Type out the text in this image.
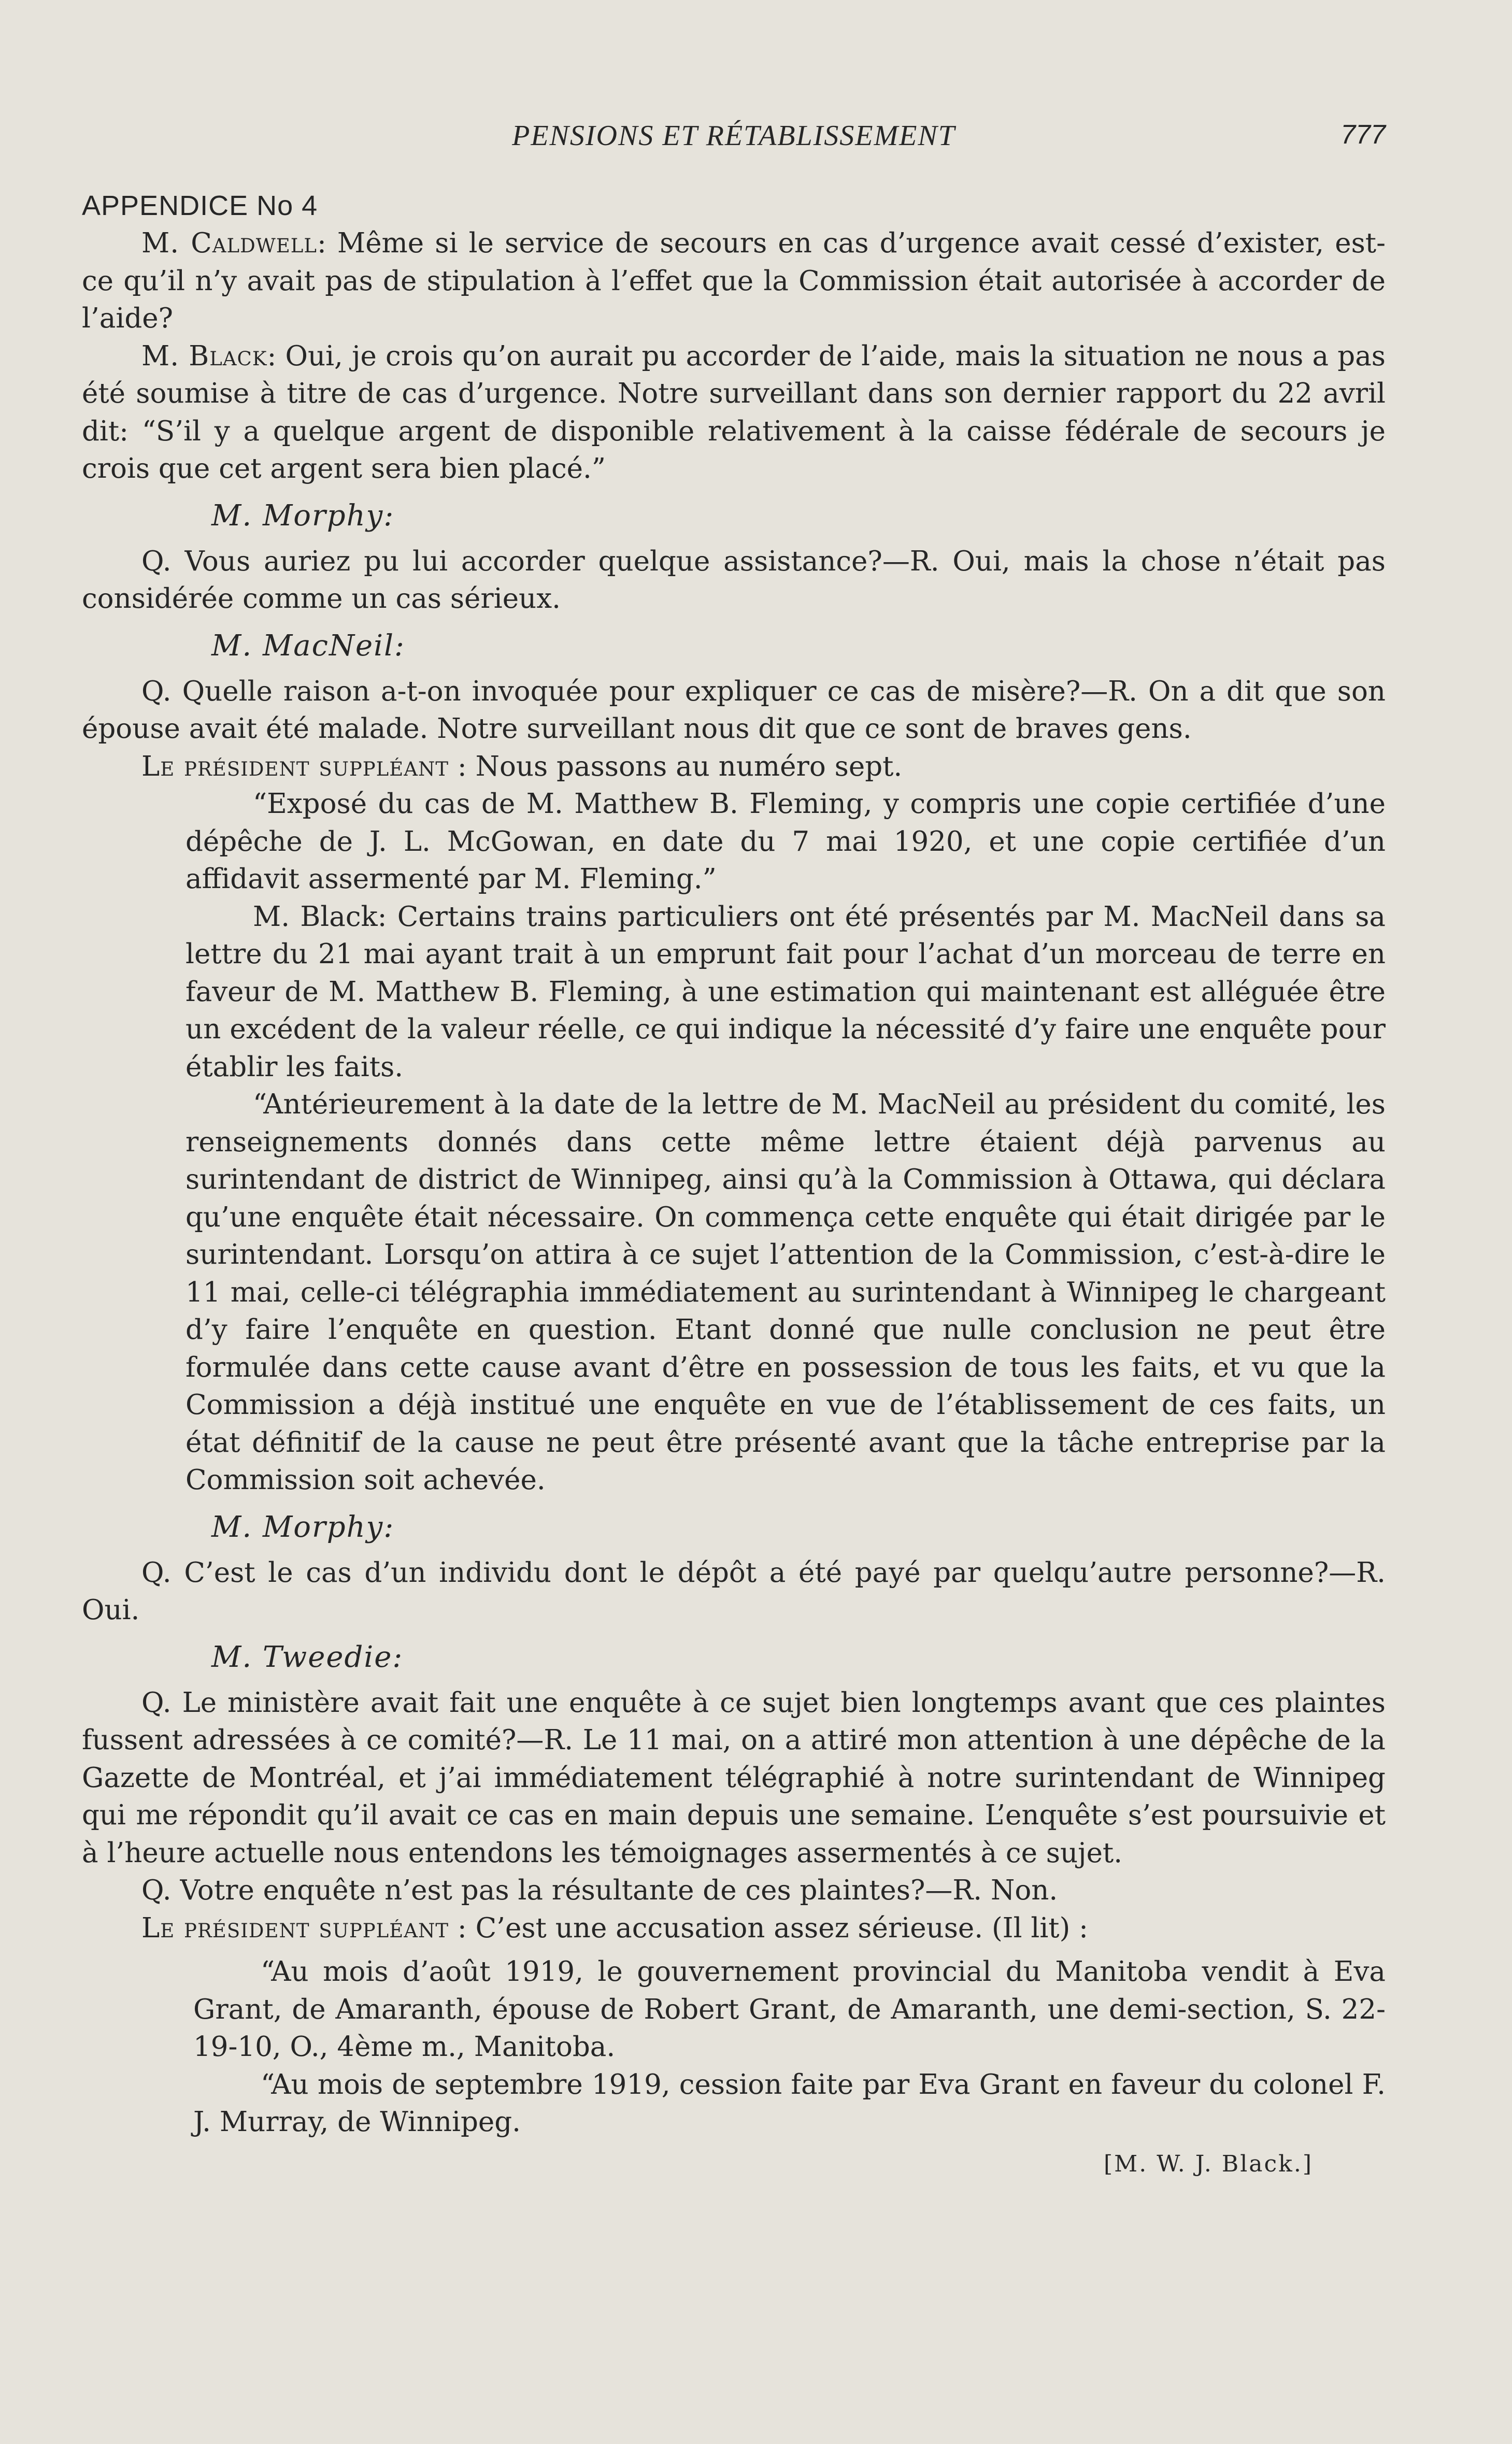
PENSIONS ET RÉTABLISSEMENT	777
APPENDICE No 4

M. Caldwell: Même si le service de secours en cas d’urgence avait cessé d’exister, est-ce qu’il n’y avait pas de stipulation à l’effet que la Commission était autorisée à accorder de l’aide?

M. Black: Oui, je crois qu’on aurait pu accorder de l’aide, mais la situation ne nous a pas été soumise à titre de cas d’urgence. Notre surveillant dans son dernier rapport du 22 avril dit: “S’il y a quelque argent de disponible relativement à la caisse fédérale de secours je crois que cet argent sera bien placé.”

M. Morphy:

Q. Vous auriez pu lui accorder quelque assistance?—R. Oui, mais la chose n’était pas considérée comme un cas sérieux.

M. MacNeil:

Q. Quelle raison a-t-on invoquée pour expliquer ce cas de misère?—R. On a dit que son épouse avait été malade. Notre surveillant nous dit que ce sont de braves gens.

Le président suppléant : Nous passons au numéro sept.

“Exposé du cas de M. Matthew B. Fleming, y compris une copie certifiée d’une dépêche de J. L. McGowan, en date du 7 mai 1920, et une copie certifiée d’un affidavit assermenté par M. Fleming.”

M. Black: Certains trains particuliers ont été présentés par M. MacNeil dans sa lettre du 21 mai ayant trait à un emprunt fait pour l’achat d’un morceau de terre en faveur de M. Matthew B. Fleming, à une estimation qui maintenant est alléguée être un excédent de la valeur réelle, ce qui indique la nécessité d’y faire une enquête pour établir les faits.

“Antérieurement à la date de la lettre de M. MacNeil au président du comité, les renseignements donnés dans cette même lettre étaient déjà parvenus au surintendant de district de Winnipeg, ainsi qu’à la Commission à Ottawa, qui déclara qu’une enquête était nécessaire. On commença cette enquête qui était dirigée par le surintendant. Lorsqu’on attira à ce sujet l’attention de la Commission, c’est-à-dire le 11 mai, celle-ci télégraphia immédiatement au surintendant à Winnipeg le chargeant d’y faire l’enquête en question. Etant donné que nulle conclusion ne peut être formulée dans cette cause avant d’être en possession de tous les faits, et vu que la Commission a déjà institué une enquête en vue de l’établissement de ces faits, un état définitif de la cause ne peut être présenté avant que la tâche entreprise par la Commission soit achevée.

M. Morphy:

Q. C’est le cas d’un individu dont le dépôt a été payé par quelqu’autre personne?—R. Oui.

M. Tweedie:

Q. Le ministère avait fait une enquête à ce sujet bien longtemps avant que ces plaintes fussent adressées à ce comité?—R. Le 11 mai, on a attiré mon attention à une dépêche de la Gazette de Montréal, et j’ai immédiatement télégraphié à notre surintendant de Winnipeg qui me répondit qu’il avait ce cas en main depuis une semaine. L’enquête s’est poursuivie et à l’heure actuelle nous entendons les témoignages assermentés à ce sujet.

Q. Votre enquête n’est pas la résultante de ces plaintes?—R. Non.

Le président suppléant : C’est une accusation assez sérieuse. (Il lit) :

“Au mois d’août 1919, le gouvernement provincial du Manitoba vendit à Eva Grant, de Amaranth, épouse de Robert Grant, de Amaranth, une demi-section, S. 22-19-10, O., 4ème m., Manitoba.

“Au mois de septembre 1919, cession faite par Eva Grant en faveur du colonel F. J. Murray, de Winnipeg.

[M. W. J. Black.]
